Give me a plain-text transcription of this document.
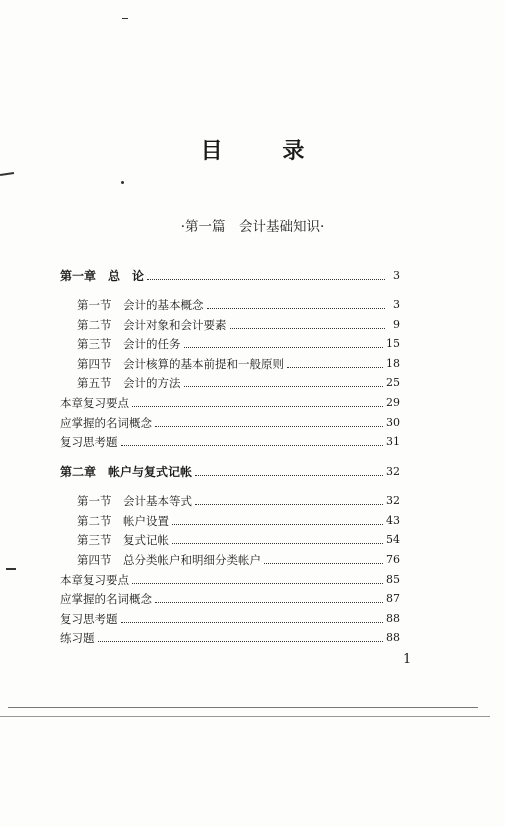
目 录
·第一篇　会计基础知识·
第一章　总　论	3
第一节　会计的基本概念	3
第二节　会计对象和会计要素	9
第三节　会计的任务	15
第四节　会计核算的基本前提和一般原则	18
第五节　会计的方法	25
本章复习要点	29
应掌握的名词概念	30
复习思考题	31
第二章　帐户与复式记帐	32
第一节　会计基本等式	32
第二节　帐户设置	43
第三节　复式记帐	54
第四节　总分类帐户和明细分类帐户	76
本章复习要点	85
应掌握的名词概念	87
复习思考题	88
练习题	88
1
